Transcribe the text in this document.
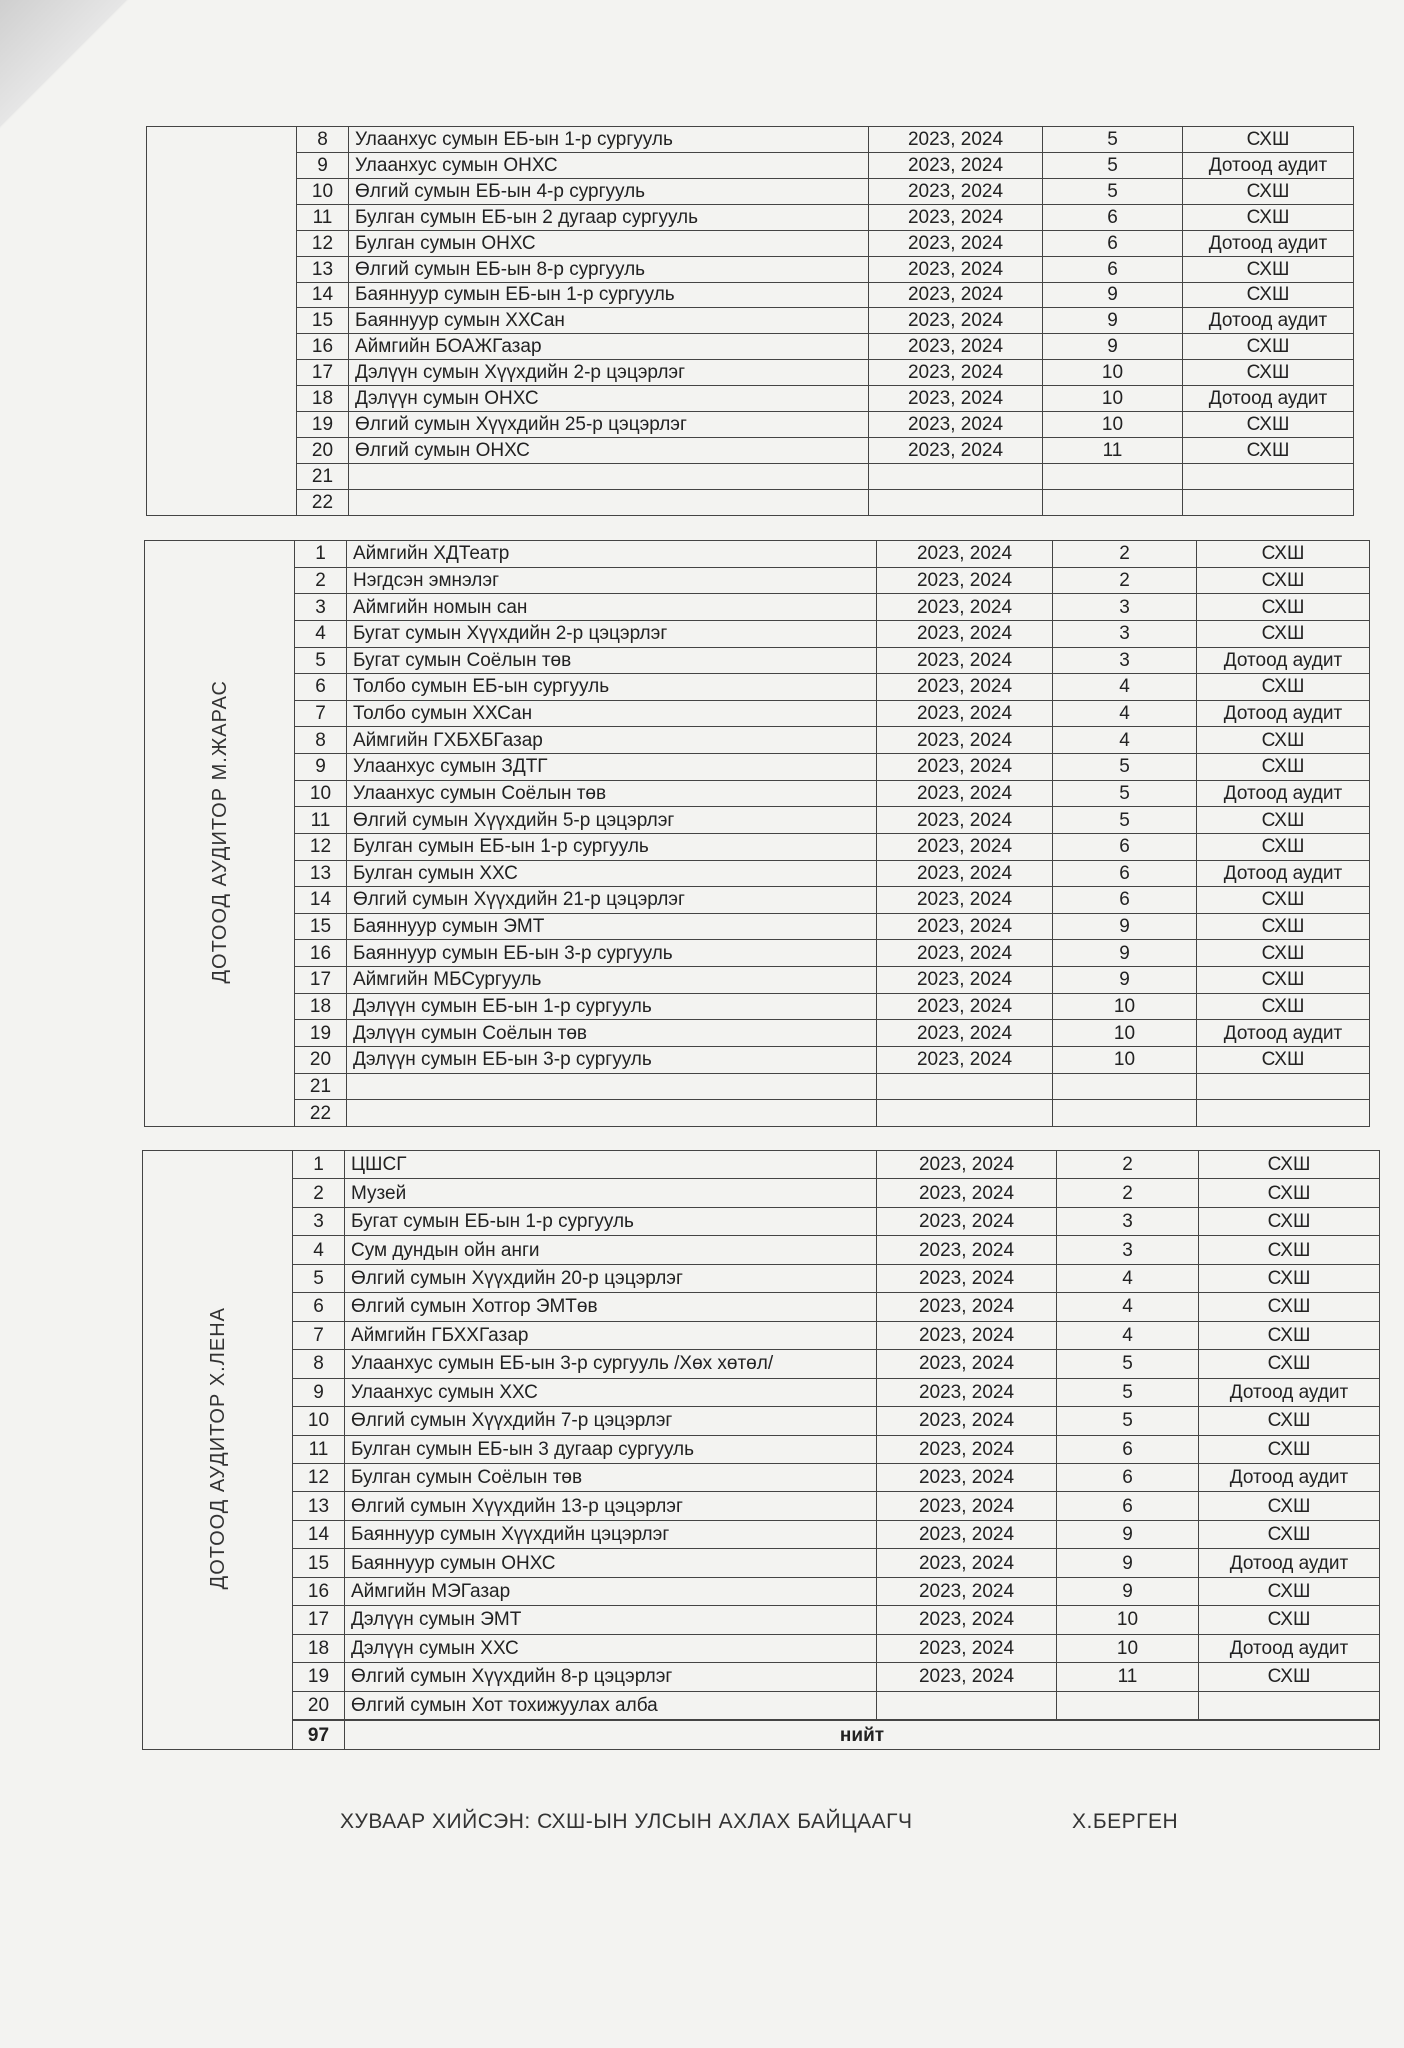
	8	Улаанхус сумын ЕБ-ын 1-р сургууль	2023, 2024	5	СХШ
	9	Улаанхус сумын ОНХС	2023, 2024	5	Дотоод аудит
	10	Өлгий сумын ЕБ-ын 4-р сургууль	2023, 2024	5	СХШ
	11	Булган сумын ЕБ-ын 2 дугаар сургууль	2023, 2024	6	СХШ
	12	Булган сумын ОНХС	2023, 2024	6	Дотоод аудит
	13	Өлгий сумын ЕБ-ын 8-р сургууль	2023, 2024	6	СХШ
	14	Баяннуур сумын ЕБ-ын 1-р сургууль	2023, 2024	9	СХШ
	15	Баяннуур сумын ХХСан	2023, 2024	9	Дотоод аудит
	16	Аймгийн БОАЖГазар	2023, 2024	9	СХШ
	17	Дэлүүн сумын Хүүхдийн 2-р цэцэрлэг	2023, 2024	10	СХШ
	18	Дэлүүн сумын ОНХС	2023, 2024	10	Дотоод аудит
	19	Өлгий сумын Хүүхдийн 25-р цэцэрлэг	2023, 2024	10	СХШ
	20	Өлгий сумын ОНХС	2023, 2024	11	СХШ
	21				
	22				
ДОТООД АУДИТОР М.ЖАРАС	1	Аймгийн ХДТеатр	2023, 2024	2	СХШ
	2	Нэгдсэн эмнэлэг	2023, 2024	2	СХШ
	3	Аймгийн номын сан	2023, 2024	3	СХШ
	4	Бугат сумын Хүүхдийн 2-р цэцэрлэг	2023, 2024	3	СХШ
	5	Бугат сумын Соёлын төв	2023, 2024	3	Дотоод аудит
	6	Толбо сумын ЕБ-ын сургууль	2023, 2024	4	СХШ
	7	Толбо сумын ХХСан	2023, 2024	4	Дотоод аудит
	8	Аймгийн ГХБХБГазар	2023, 2024	4	СХШ
	9	Улаанхус сумын ЗДТГ	2023, 2024	5	СХШ
	10	Улаанхус сумын Соёлын төв	2023, 2024	5	Дотоод аудит
	11	Өлгий сумын Хүүхдийн 5-р цэцэрлэг	2023, 2024	5	СХШ
	12	Булган сумын ЕБ-ын 1-р сургууль	2023, 2024	6	СХШ
	13	Булган сумын ХХС	2023, 2024	6	Дотоод аудит
	14	Өлгий сумын Хүүхдийн 21-р цэцэрлэг	2023, 2024	6	СХШ
	15	Баяннуур сумын ЭМТ	2023, 2024	9	СХШ
	16	Баяннуур сумын ЕБ-ын 3-р сургууль	2023, 2024	9	СХШ
	17	Аймгийн МБСургууль	2023, 2024	9	СХШ
	18	Дэлүүн сумын ЕБ-ын 1-р сургууль	2023, 2024	10	СХШ
	19	Дэлүүн сумын Соёлын төв	2023, 2024	10	Дотоод аудит
	20	Дэлүүн сумын ЕБ-ын 3-р сургууль	2023, 2024	10	СХШ
	21				
	22				
ДОТООД АУДИТОР Х.ЛЕНА	1	ЦШСГ	2023, 2024	2	СХШ
	2	Музей	2023, 2024	2	СХШ
	3	Бугат сумын ЕБ-ын 1-р сургууль	2023, 2024	3	СХШ
	4	Сум дундын ойн анги	2023, 2024	3	СХШ
	5	Өлгий сумын Хүүхдийн 20-р цэцэрлэг	2023, 2024	4	СХШ
	6	Өлгий сумын Хотгор ЭМТөв	2023, 2024	4	СХШ
	7	Аймгийн ГБХХГазар	2023, 2024	4	СХШ
	8	Улаанхус сумын ЕБ-ын 3-р сургууль /Хөх хөтөл/	2023, 2024	5	СХШ
	9	Улаанхус сумын ХХС	2023, 2024	5	Дотоод аудит
	10	Өлгий сумын Хүүхдийн 7-р цэцэрлэг	2023, 2024	5	СХШ
	11	Булган сумын ЕБ-ын 3 дугаар сургууль	2023, 2024	6	СХШ
	12	Булган сумын Соёлын төв	2023, 2024	6	Дотоод аудит
	13	Өлгий сумын Хүүхдийн 13-р цэцэрлэг	2023, 2024	6	СХШ
	14	Баяннуур сумын Хүүхдийн цэцэрлэг	2023, 2024	9	СХШ
	15	Баяннуур сумын ОНХС	2023, 2024	9	Дотоод аудит
	16	Аймгийн МЭГазар	2023, 2024	9	СХШ
	17	Дэлүүн сумын ЭМТ	2023, 2024	10	СХШ
	18	Дэлүүн сумын ХХС	2023, 2024	10	Дотоод аудит
	19	Өлгий сумын Хүүхдийн 8-р цэцэрлэг	2023, 2024	11	СХШ
	20	Өлгий сумын Хот тохижуулах алба			

	97	нийт			
ХУВААР ХИЙСЭН: СХШ-ЫН УЛСЫН АХЛАХ БАЙЦААГЧ	Х.БЕРГЕН
